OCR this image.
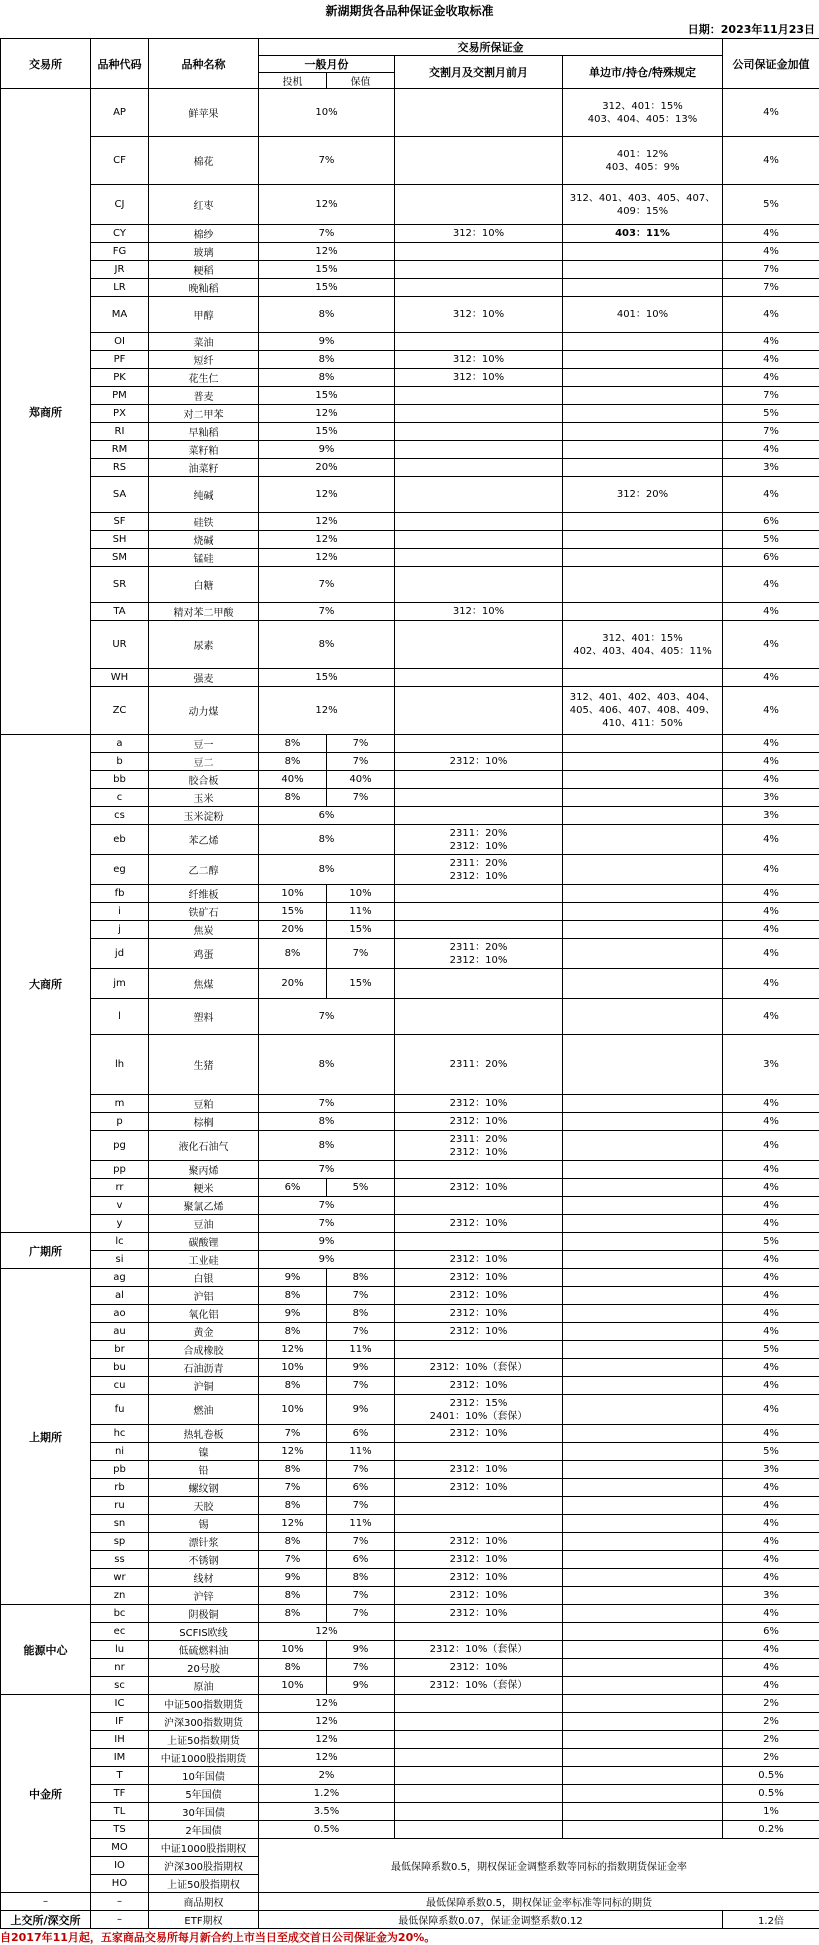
新湖期货各品种保证金收取标准
日期：2023年11月23日
交易所	品种代码	品种名称	交易所保证金				公司保证金加值
			一般月份		交割月及交割月前月	单边市/持仓/特殊规定	
			投机	保值			
郑商所	AP	鲜苹果	10%			312、401：15%
403、404、405：13%	4%
	CF	棉花	7%			401：12%
403、405：9%	4%
	CJ	红枣	12%			312、401、403、405、407、
409：15%	5%
	CY	棉纱	7%		312：10%	403：11%	4%
	FG	玻璃	12%				4%
	JR	粳稻	15%				7%
	LR	晚籼稻	15%				7%
	MA	甲醇	8%		312：10%	401：10%	4%
	OI	菜油	9%				4%
	PF	短纤	8%		312：10%		4%
	PK	花生仁	8%		312：10%		4%
	PM	普麦	15%				7%
	PX	对二甲苯	12%				5%
	RI	早籼稻	15%				7%
	RM	菜籽粕	9%				4%
	RS	油菜籽	20%				3%
	SA	纯碱	12%			312：20%	4%
	SF	硅铁	12%				6%
	SH	烧碱	12%				5%
	SM	锰硅	12%				6%
	SR	白糖	7%				4%
	TA	精对苯二甲酸	7%		312：10%		4%
	UR	尿素	8%			312、401：15%
402、403、404、405：11%	4%
	WH	强麦	15%				4%
	ZC	动力煤	12%			312、401、402、403、404、
405、406、407、408、409、
410、411：50%	4%
大商所	a	豆一	8%	7%			4%
	b	豆二	8%	7%	2312：10%		4%
	bb	胶合板	40%	40%			4%
	c	玉米	8%	7%			3%
	cs	玉米淀粉	6%				3%
	eb	苯乙烯	8%		2311：20%
2312：10%		4%
	eg	乙二醇	8%		2311：20%
2312：10%		4%
	fb	纤维板	10%	10%			4%
	i	铁矿石	15%	11%			4%
	j	焦炭	20%	15%			4%
	jd	鸡蛋	8%	7%	2311：20%
2312：10%		4%
	jm	焦煤	20%	15%			4%
	l	塑料	7%				4%
	lh	生猪	8%		2311：20%		3%
	m	豆粕	7%		2312：10%		4%
	p	棕榈	8%		2312：10%		4%
	pg	液化石油气	8%		2311：20%
2312：10%		4%
	pp	聚丙烯	7%				4%
	rr	粳米	6%	5%	2312：10%		4%
	v	聚氯乙烯	7%				4%
	y	豆油	7%		2312：10%		4%
广期所	lc	碳酸锂	9%				5%
	si	工业硅	9%		2312：10%		4%
上期所	ag	白银	9%	8%	2312：10%		4%
	al	沪铝	8%	7%	2312：10%		4%
	ao	氧化铝	9%	8%	2312：10%		4%
	au	黄金	8%	7%	2312：10%		4%
	br	合成橡胶	12%	11%			5%
	bu	石油沥青	10%	9%	2312：10%（套保）		4%
	cu	沪铜	8%	7%	2312：10%		4%
	fu	燃油	10%	9%	2312：15%
2401：10%（套保）		4%
	hc	热轧卷板	7%	6%	2312：10%		4%
	ni	镍	12%	11%			5%
	pb	铅	8%	7%	2312：10%		3%
	rb	螺纹钢	7%	6%	2312：10%		4%
	ru	天胶	8%	7%			4%
	sn	锡	12%	11%			4%
	sp	漂针浆	8%	7%	2312：10%		4%
	ss	不锈钢	7%	6%	2312：10%		4%
	wr	线材	9%	8%	2312：10%		4%
	zn	沪锌	8%	7%	2312：10%		3%
能源中心	bc	阴极铜	8%	7%	2312：10%		4%
	ec	SCFIS欧线	12%				6%
	lu	低硫燃料油	10%	9%	2312：10%（套保）		4%
	nr	20号胶	8%	7%	2312：10%		4%
	sc	原油	10%	9%	2312：10%（套保）		4%
中金所	IC	中证500指数期货	12%				2%
	IF	沪深300指数期货	12%				2%
	IH	上证50指数期货	12%				2%
	IM	中证1000股指期货	12%				2%
	T	10年国债	2%				0.5%
	TF	5年国债	1.2%				0.5%
	TL	30年国债	3.5%				1%
	TS	2年国债	0.5%				0.2%
	MO	中证1000股指期权	最低保障系数0.5，期权保证金调整系数等同标的指数期货保证金率				
	IO	沪深300股指期权					
	HO	上证50股指期权					
–	–	商品期权	最低保障系数0.5，期权保证金率标准等同标的期货				
上交所/深交所	–	ETF期权	最低保障系数0.07，保证金调整系数0.12				1.2倍
自2017年11月起，五家商品交易所每月新合约上市当日至成交首日公司保证金为20%。
